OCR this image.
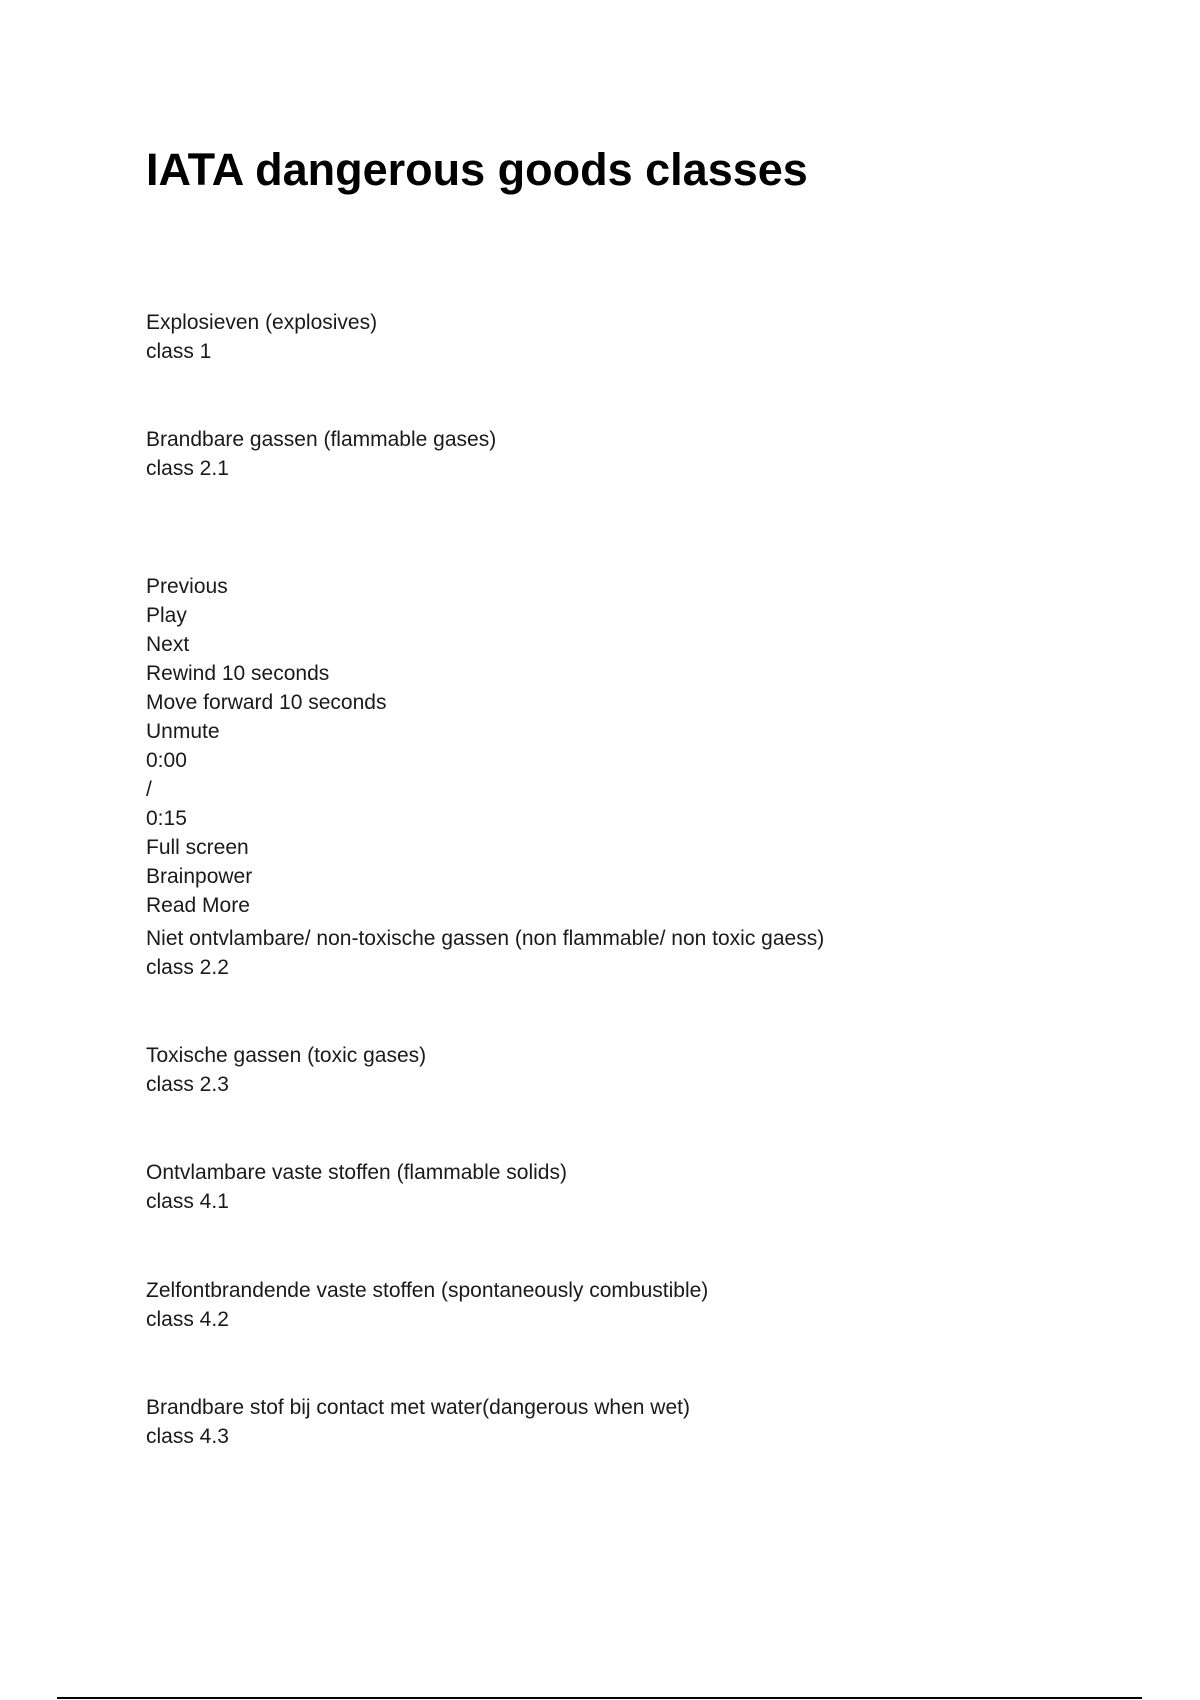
IATA dangerous goods classes
Explosieven (explosives)
class 1
Brandbare gassen (flammable gases)
class 2.1
Previous
Play
Next
Rewind 10 seconds
Move forward 10 seconds
Unmute
0:00
/
0:15
Full screen
Brainpower
Read More
Niet ontvlambare/ non-toxische gassen (non flammable/ non toxic gaess)
class 2.2
Toxische gassen (toxic gases)
class 2.3
Ontvlambare vaste stoffen (flammable solids)
class 4.1
Zelfontbrandende vaste stoffen (spontaneously combustible)
class 4.2
Brandbare stof bij contact met water(dangerous when wet)
class 4.3
